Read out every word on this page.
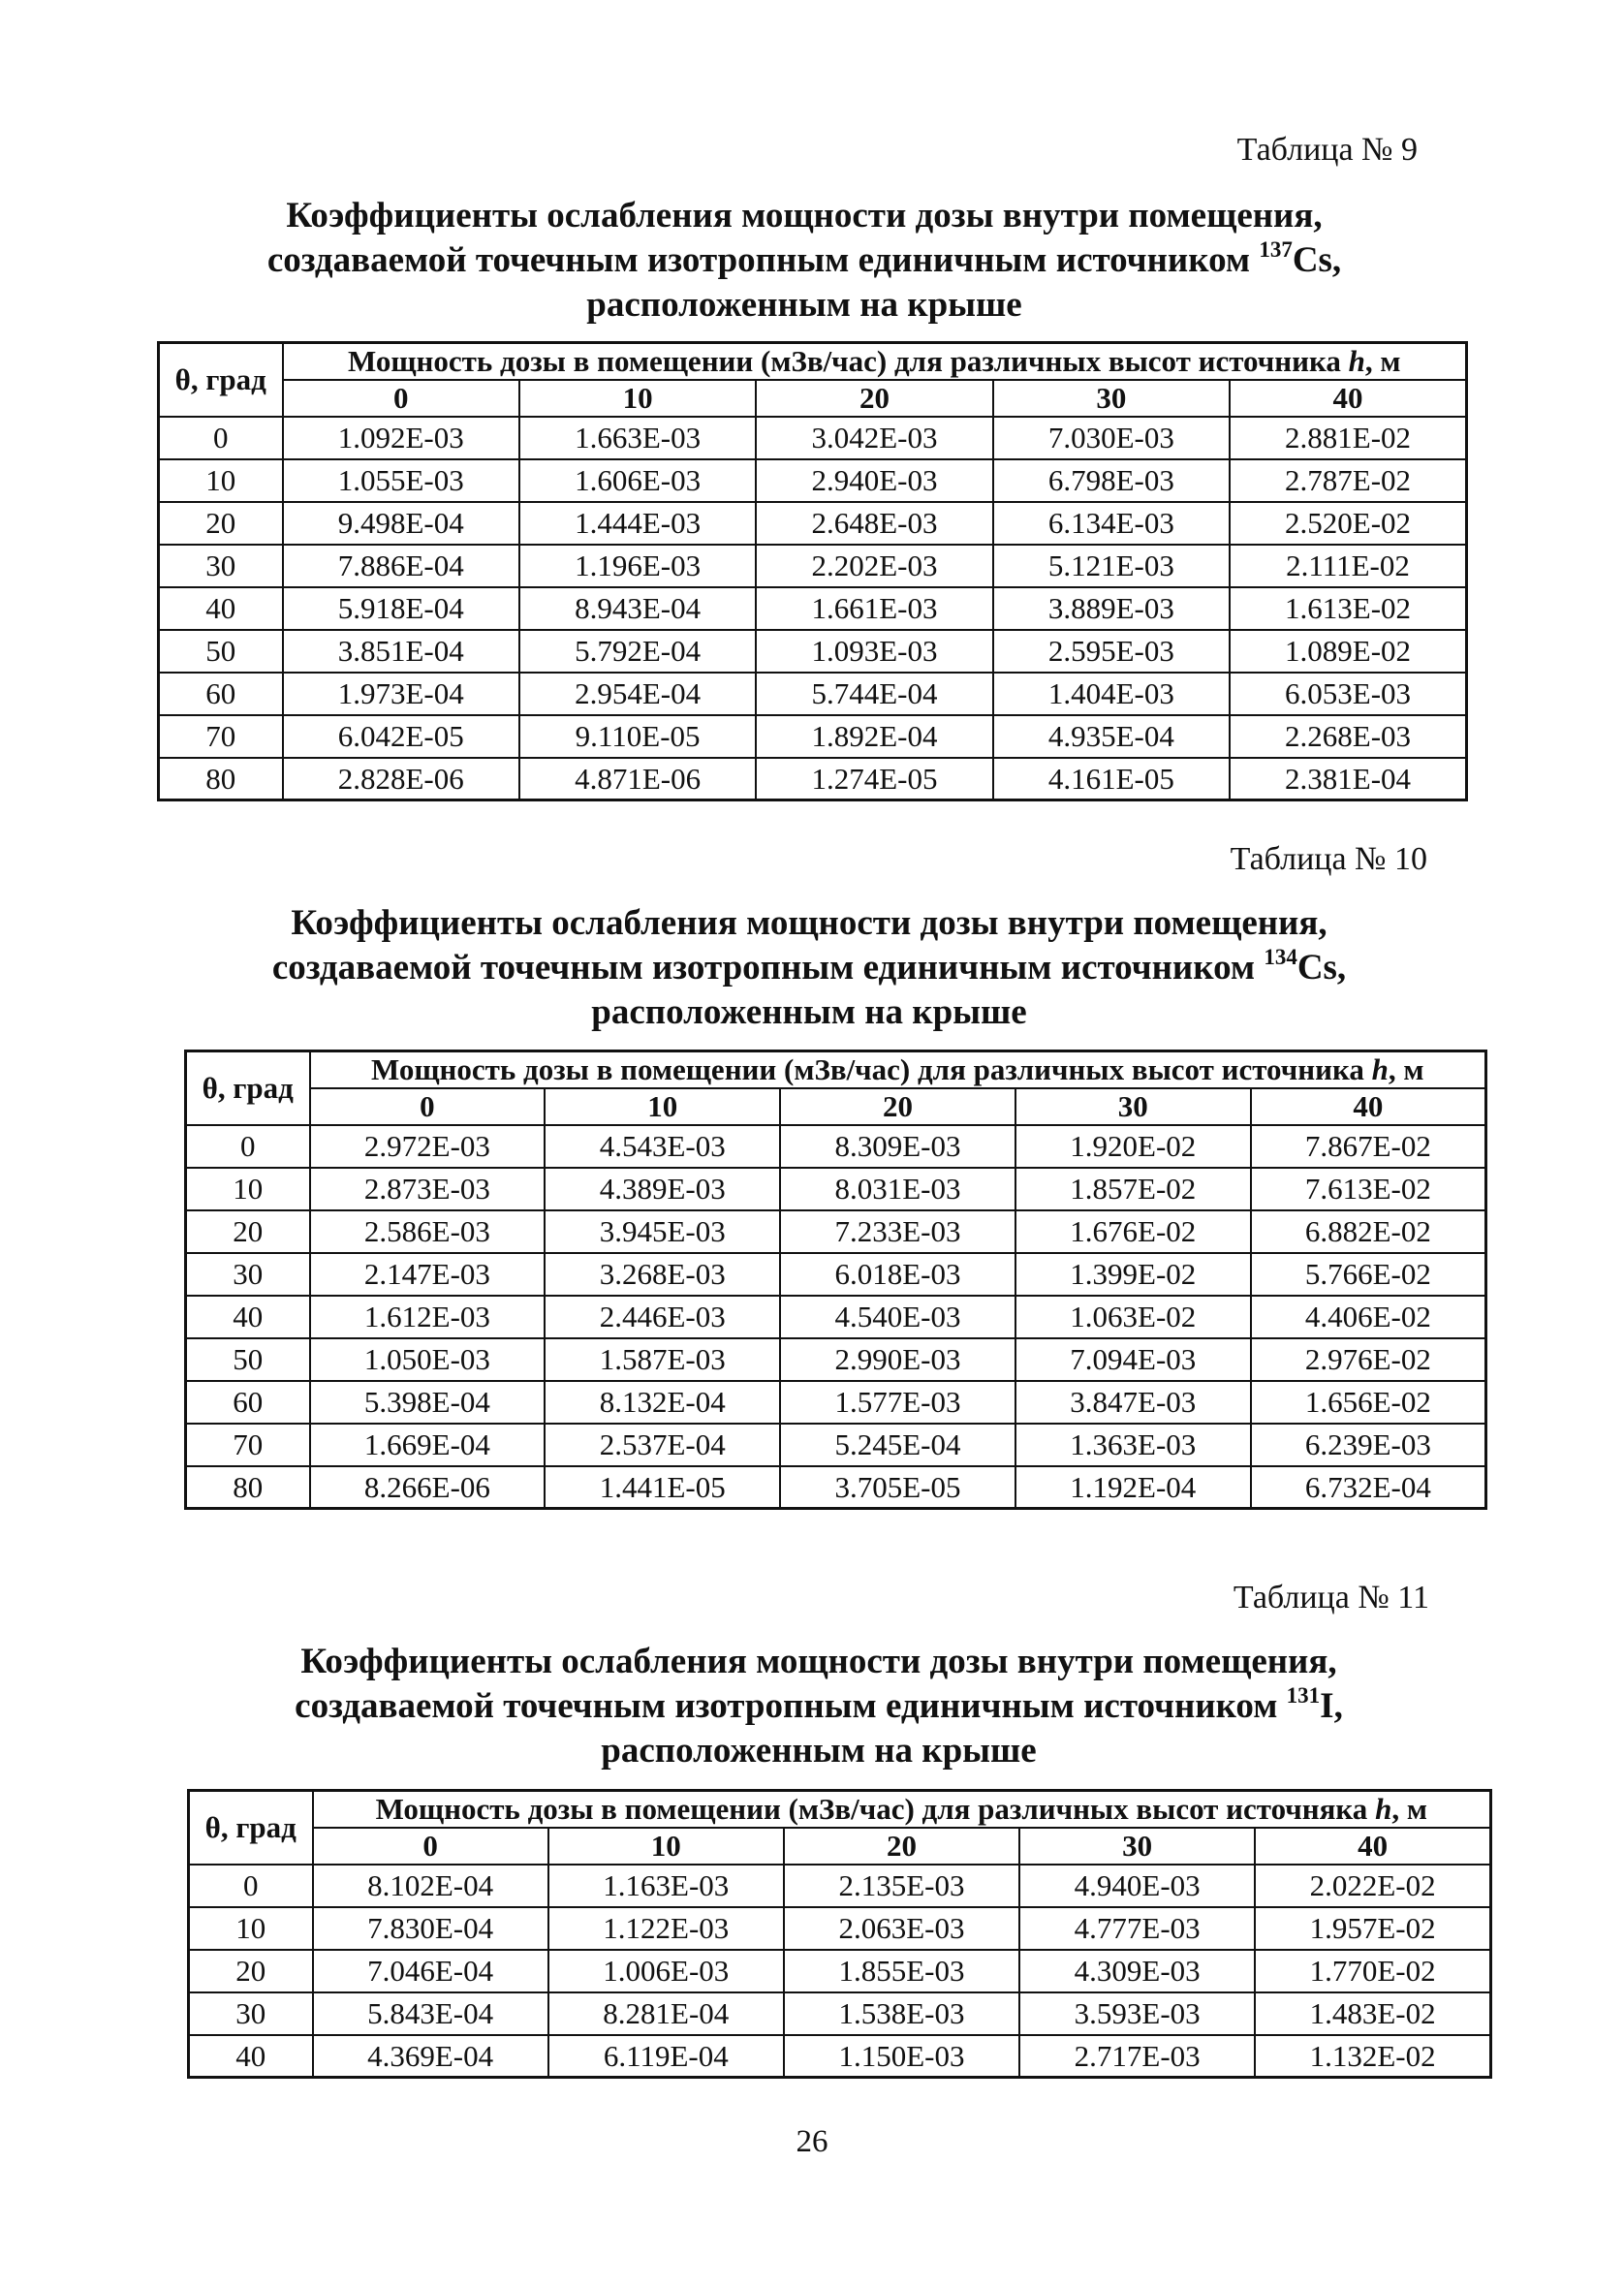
Таблица № 9
Коэффициенты ослабления мощности дозы внутри помещения,
создаваемой точечным изотропным единичным источником $^{137}$Cs,
расположенным на крыше
θ, град	Мощность дозы в помещении (мЗв/час) для различных высот источника h, м				
	0	10	20	30	40
0	1.092E-03	1.663E-03	3.042E-03	7.030E-03	2.881E-02
10	1.055E-03	1.606E-03	2.940E-03	6.798E-03	2.787E-02
20	9.498E-04	1.444E-03	2.648E-03	6.134E-03	2.520E-02
30	7.886E-04	1.196E-03	2.202E-03	5.121E-03	2.111E-02
40	5.918E-04	8.943E-04	1.661E-03	3.889E-03	1.613E-02
50	3.851E-04	5.792E-04	1.093E-03	2.595E-03	1.089E-02
60	1.973E-04	2.954E-04	5.744E-04	1.404E-03	6.053E-03
70	6.042E-05	9.110E-05	1.892E-04	4.935E-04	2.268E-03
80	2.828E-06	4.871E-06	1.274E-05	4.161E-05	2.381E-04
Таблица № 10
Коэффициенты ослабления мощности дозы внутри помещения,
создаваемой точечным изотропным единичным источником $^{134}$Cs,
расположенным на крыше
θ, град	Мощность дозы в помещении (мЗв/час) для различных высот источника h, м				
	0	10	20	30	40
0	2.972E-03	4.543E-03	8.309E-03	1.920E-02	7.867E-02
10	2.873E-03	4.389E-03	8.031E-03	1.857E-02	7.613E-02
20	2.586E-03	3.945E-03	7.233E-03	1.676E-02	6.882E-02
30	2.147E-03	3.268E-03	6.018E-03	1.399E-02	5.766E-02
40	1.612E-03	2.446E-03	4.540E-03	1.063E-02	4.406E-02
50	1.050E-03	1.587E-03	2.990E-03	7.094E-03	2.976E-02
60	5.398E-04	8.132E-04	1.577E-03	3.847E-03	1.656E-02
70	1.669E-04	2.537E-04	5.245E-04	1.363E-03	6.239E-03
80	8.266E-06	1.441E-05	3.705E-05	1.192E-04	6.732E-04
Таблица № 11
Коэффициенты ослабления мощности дозы внутри помещения,
создаваемой точечным изотропным единичным источником $^{131}$I,
расположенным на крыше
θ, град	Мощность дозы в помещении (мЗв/час) для различных высот источняка h, м				
	0	10	20	30	40
0	8.102E-04	1.163E-03	2.135E-03	4.940E-03	2.022E-02
10	7.830E-04	1.122E-03	2.063E-03	4.777E-03	1.957E-02
20	7.046E-04	1.006E-03	1.855E-03	4.309E-03	1.770E-02
30	5.843E-04	8.281E-04	1.538E-03	3.593E-03	1.483E-02
40	4.369E-04	6.119E-04	1.150E-03	2.717E-03	1.132E-02
26
